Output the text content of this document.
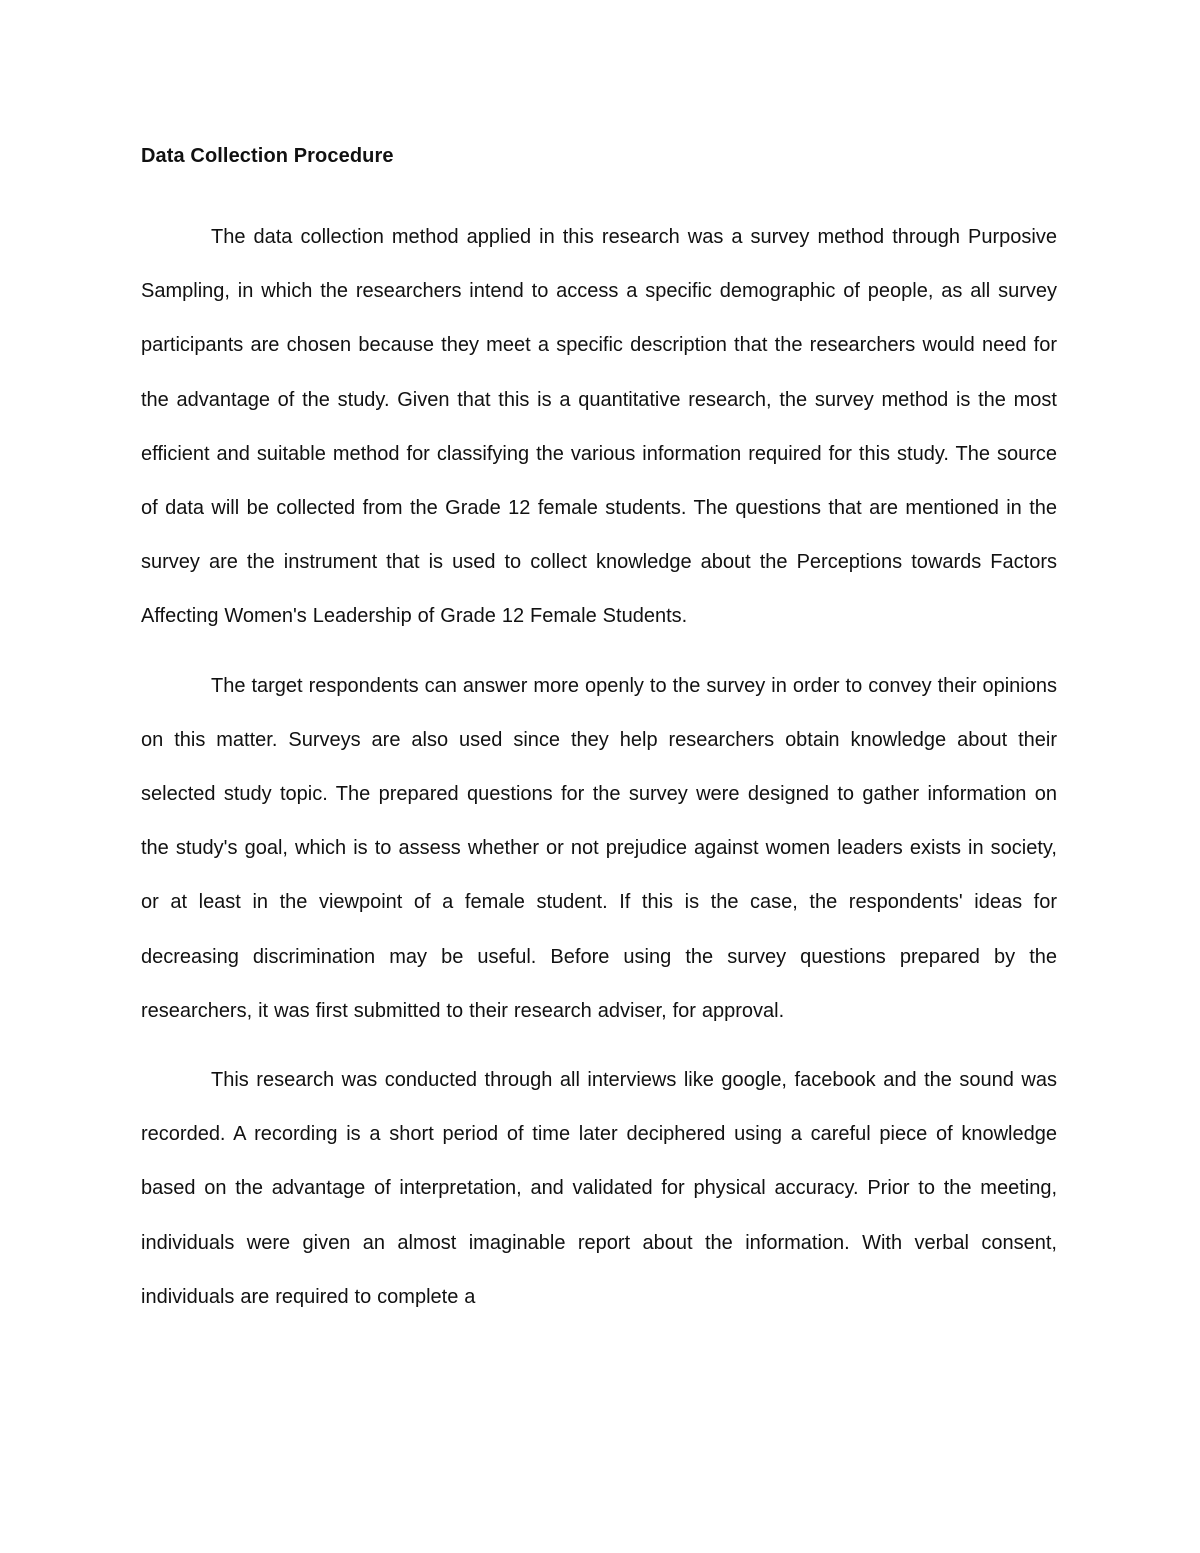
Data Collection Procedure

The data collection method applied in this research was a survey method through Purposive Sampling, in which the researchers intend to access a specific demographic of people, as all survey participants are chosen because they meet a specific description that the researchers would need for the advantage of the study. Given that this is a quantitative research, the survey method is the most efficient and suitable method for classifying the various information required for this study. The source of data will be collected from the Grade 12 female students. The questions that are mentioned in the survey are the instrument that is used to collect knowledge about the Perceptions towards Factors Affecting Women's Leadership of Grade 12 Female Students.

The target respondents can answer more openly to the survey in order to convey their opinions on this matter. Surveys are also used since they help researchers obtain knowledge about their selected study topic. The prepared questions for the survey were designed to gather information on the study's goal, which is to assess whether or not prejudice against women leaders exists in society, or at least in the viewpoint of a female student. If this is the case, the respondents' ideas for decreasing discrimination may be useful. Before using the survey questions prepared by the researchers, it was first submitted to their research adviser, for approval.

This research was conducted through all interviews like google, facebook and the sound was recorded. A recording is a short period of time later deciphered using a careful piece of knowledge based on the advantage of interpretation, and validated for physical accuracy. Prior to the meeting, individuals were given an almost imaginable report about the information. With verbal consent, individuals are required to complete a
